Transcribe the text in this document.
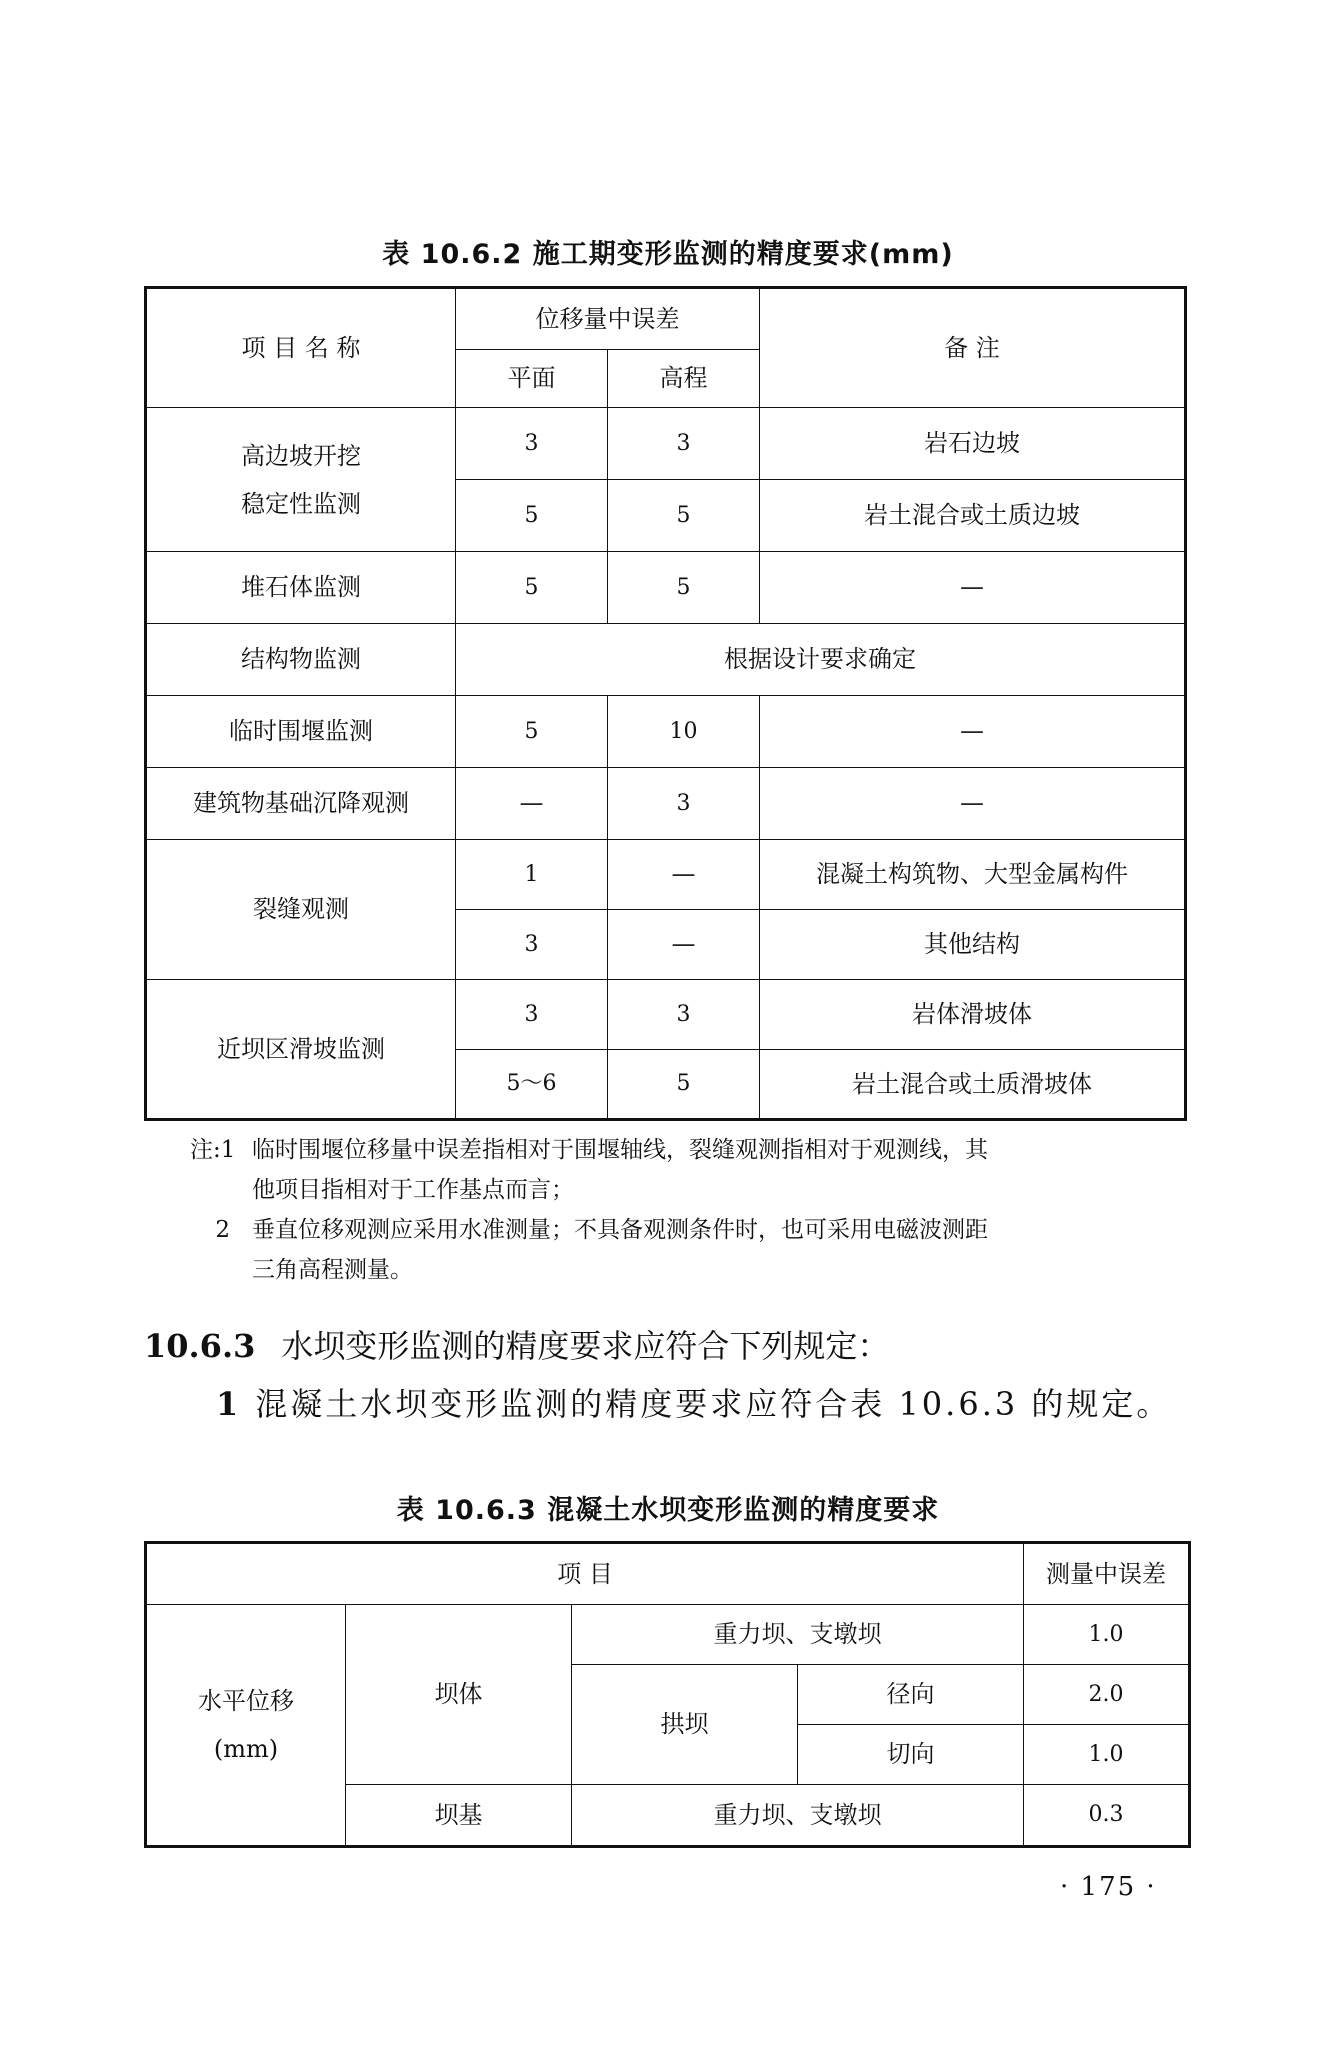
表 10.6.2 施工期变形监测的精度要求(mm)
项 目 名 称	位移量中误差		备 注
	平面	高程	

高边坡开挖
稳定性监测	3	3	岩石边坡
	5	5	岩土混合或土质边坡
堆石体监测	5	5	—
结构物监测	根据设计要求确定		
临时围堰监测	5	10	—
建筑物基础沉降观测	—	3	—
裂缝观测	1	—	混凝土构筑物、大型金属构件
	3	—	其他结构
近坝区滑坡监测	3	3	岩体滑坡体
	5～6	5	岩土混合或土质滑坡体
注:1 临时围堰位移量中误差指相对于围堰轴线，裂缝观测指相对于观测线，其
他项目指相对于工作基点而言；
2 垂直位移观测应采用水准测量；不具备观测条件时，也可采用电磁波测距
三角高程测量。
10.6.3 水坝变形监测的精度要求应符合下列规定：
1 混凝土水坝变形监测的精度要求应符合表 10.6.3 的规定。
表 10.6.3 混凝土水坝变形监测的精度要求
项 目				测量中误差

水平位移
(mm)	坝体	重力坝、支墩坝		1.0
		拱坝	径向	2.0
			切向	1.0
	坝基	重力坝、支墩坝		0.3
· 175 ·
